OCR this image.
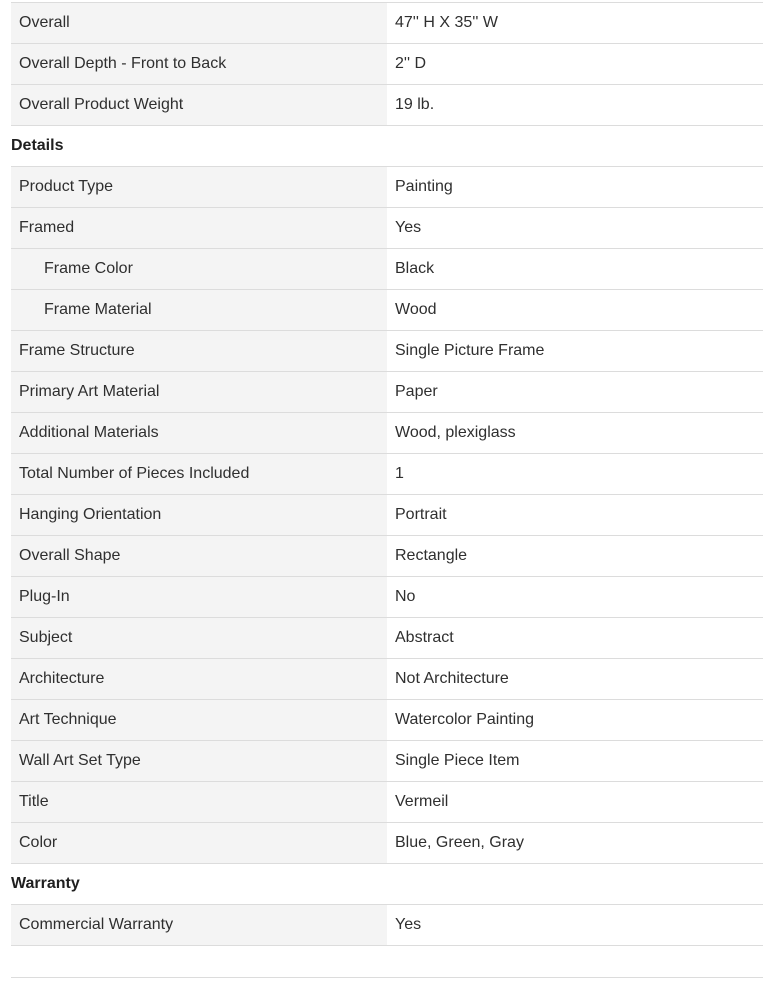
Overall	47'' H X 35'' W
Overall Depth - Front to Back	2'' D
Overall Product Weight	19 lb.
Details
Product Type	Painting
Framed	Yes
Frame Color	Black
Frame Material	Wood
Frame Structure	Single Picture Frame
Primary Art Material	Paper
Additional Materials	Wood, plexiglass
Total Number of Pieces Included	1
Hanging Orientation	Portrait
Overall Shape	Rectangle
Plug-In	No
Subject	Abstract
Architecture	Not Architecture
Art Technique	Watercolor Painting
Wall Art Set Type	Single Piece Item
Title	Vermeil
Color	Blue, Green, Gray
Warranty
Commercial Warranty	Yes
